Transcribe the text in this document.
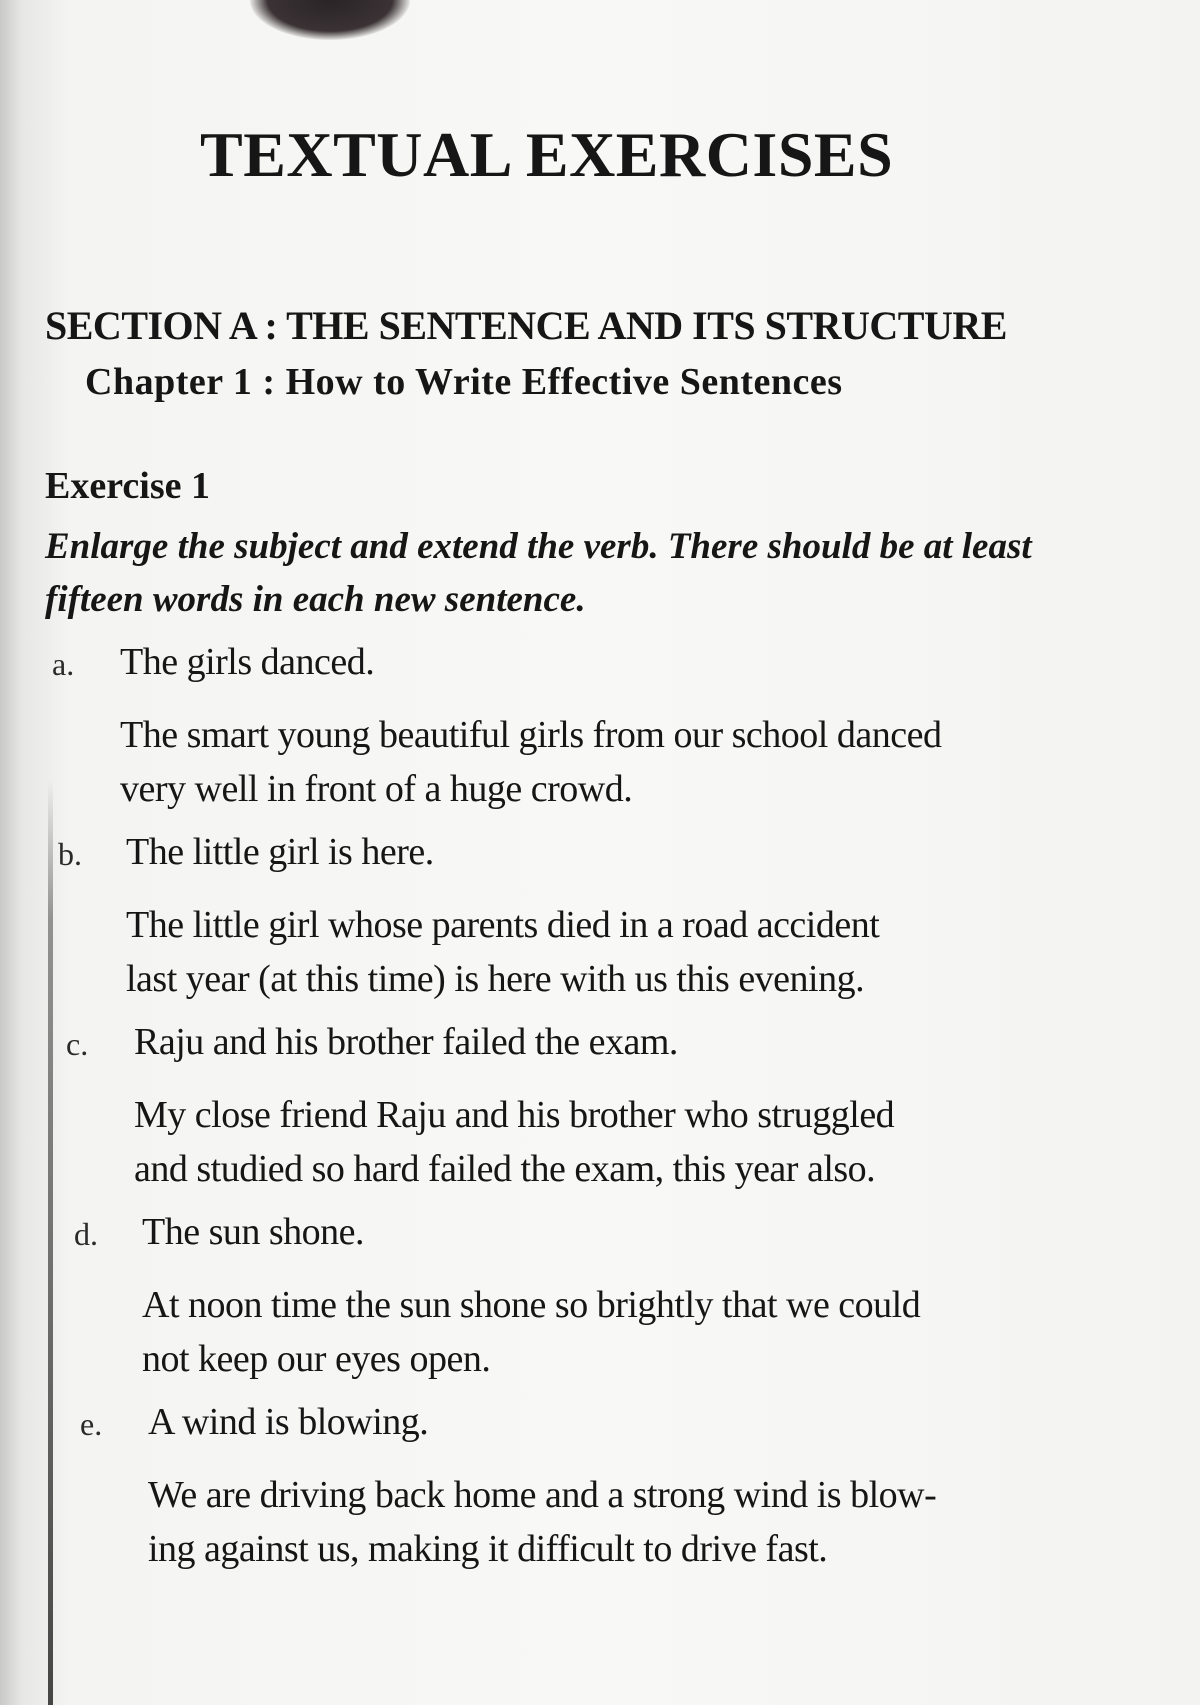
TEXTUAL EXERCISES
SECTION A : THE SENTENCE AND ITS STRUCTURE
Chapter 1 : How to Write Effective Sentences
Exercise 1

Enlarge the subject and extend the verb. There should be at least fifteen words in each new sentence.

a. The girls danced.
The smart young beautiful girls from our school danced
very well in front of a huge crowd.
b. The little girl is here.
The little girl whose parents died in a road accident
last year (at this time) is here with us this evening.
c. Raju and his brother failed the exam.
My close friend Raju and his brother who struggled
and studied so hard failed the exam, this year also.
d. The sun shone.
At noon time the sun shone so brightly that we could
not keep our eyes open.
e. A wind is blowing.
We are driving back home and a strong wind is blow-
ing against us, making it difficult to drive fast.
